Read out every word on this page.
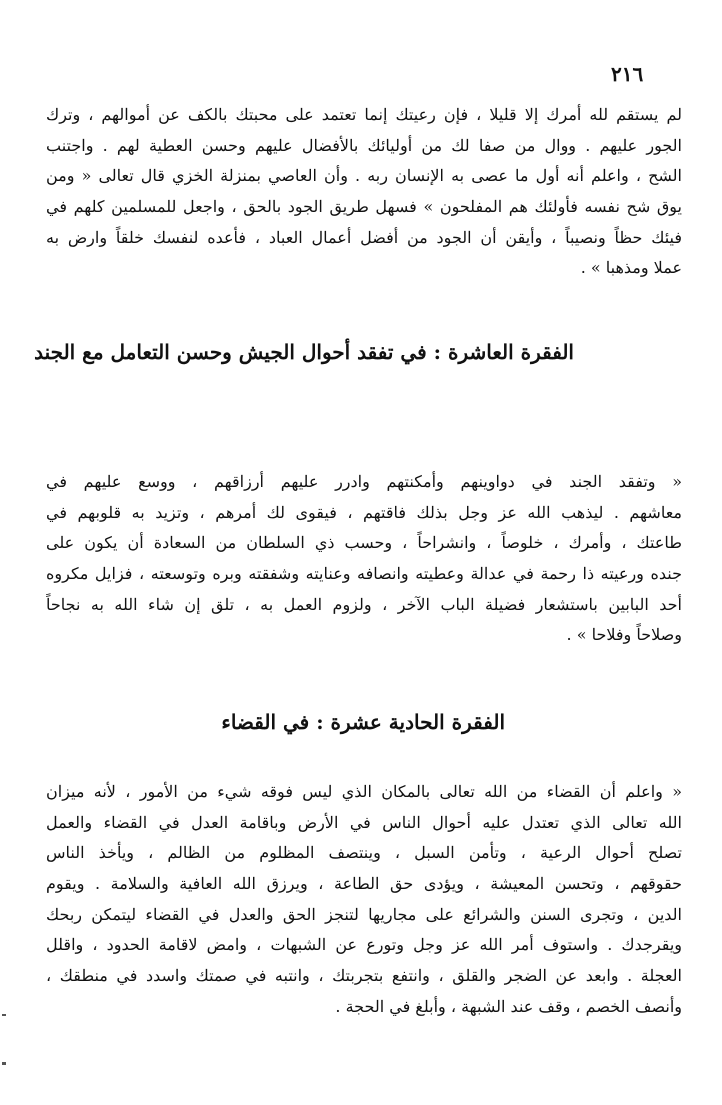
٢١٦
لم يستقم لله أمرك إلا قليلا ، فإن رعيتك إنما تعتمد على محبتك بالكف عن أموالهم ، وترك
الجور عليهم . ووال من صفا لك من أوليائك بالأفضال عليهم وحسن العطية لهم . واجتنب
الشح ، واعلم أنه أول ما عصى به الإنسان ربه . وأن العاصي بمنزلة الخزي قال تعالى « ومن
يوق شح نفسه فأولئك هم المفلحون » فسهل طريق الجود بالحق ، واجعل للمسلمين كلهم في
فيئك حظاً ونصيباً ، وأيقن أن الجود من أفضل أعمال العباد ، فأعده لنفسك خلقاً وارض به
عملا ومذهبا » .
الفقرة العاشرة : في تفقد أحوال الجيش وحسن التعامل مع الجند
« وتفقد الجند في دواوينهم وأمكنتهم وادرر عليهم أرزاقهم ، ووسع عليهم في
معاشهم . ليذهب الله عز وجل بذلك فاقتهم ، فيقوى لك أمرهم ، وتزيد به قلوبهم في
طاعتك ، وأمرك ، خلوصاً ، وانشراحاً ، وحسب ذي السلطان من السعادة أن يكون على
جنده ورعيته ذا رحمة في عدالة وعطيته وانصافه وعنايته وشفقته وبره وتوسعته ، فزايل مكروه
أحد البابين باستشعار فضيلة الباب الآخر ، ولزوم العمل به ، تلق إن شاء الله به نجاحاً
وصلاحاً وفلاحا » .
الفقرة الحادية عشرة : في القضاء
« واعلم أن القضاء من الله تعالى بالمكان الذي ليس فوقه شيء من الأمور ، لأنه ميزان
الله تعالى الذي تعتدل عليه أحوال الناس في الأرض وباقامة العدل في القضاء والعمل
تصلح أحوال الرعية ، وتأمن السبل ، وينتصف المظلوم من الظالم ، ويأخذ الناس
حقوقهم ، وتحسن المعيشة ، ويؤدى حق الطاعة ، ويرزق الله العافية والسلامة . ويقوم
الدين ، وتجرى السنن والشرائع على مجاريها لتنجز الحق والعدل في القضاء ليتمكن ربحك
ويقرجدك . واستوف أمر الله عز وجل وتورع عن الشبهات ، وامض لاقامة الحدود ، واقلل
العجلة . وابعد عن الضجر والقلق ، وانتفع بتجربتك ، وانتبه في صمتك واسدد في منطقك ،
وأنصف الخصم ، وقف عند الشبهة ، وأبلغ في الحجة .
